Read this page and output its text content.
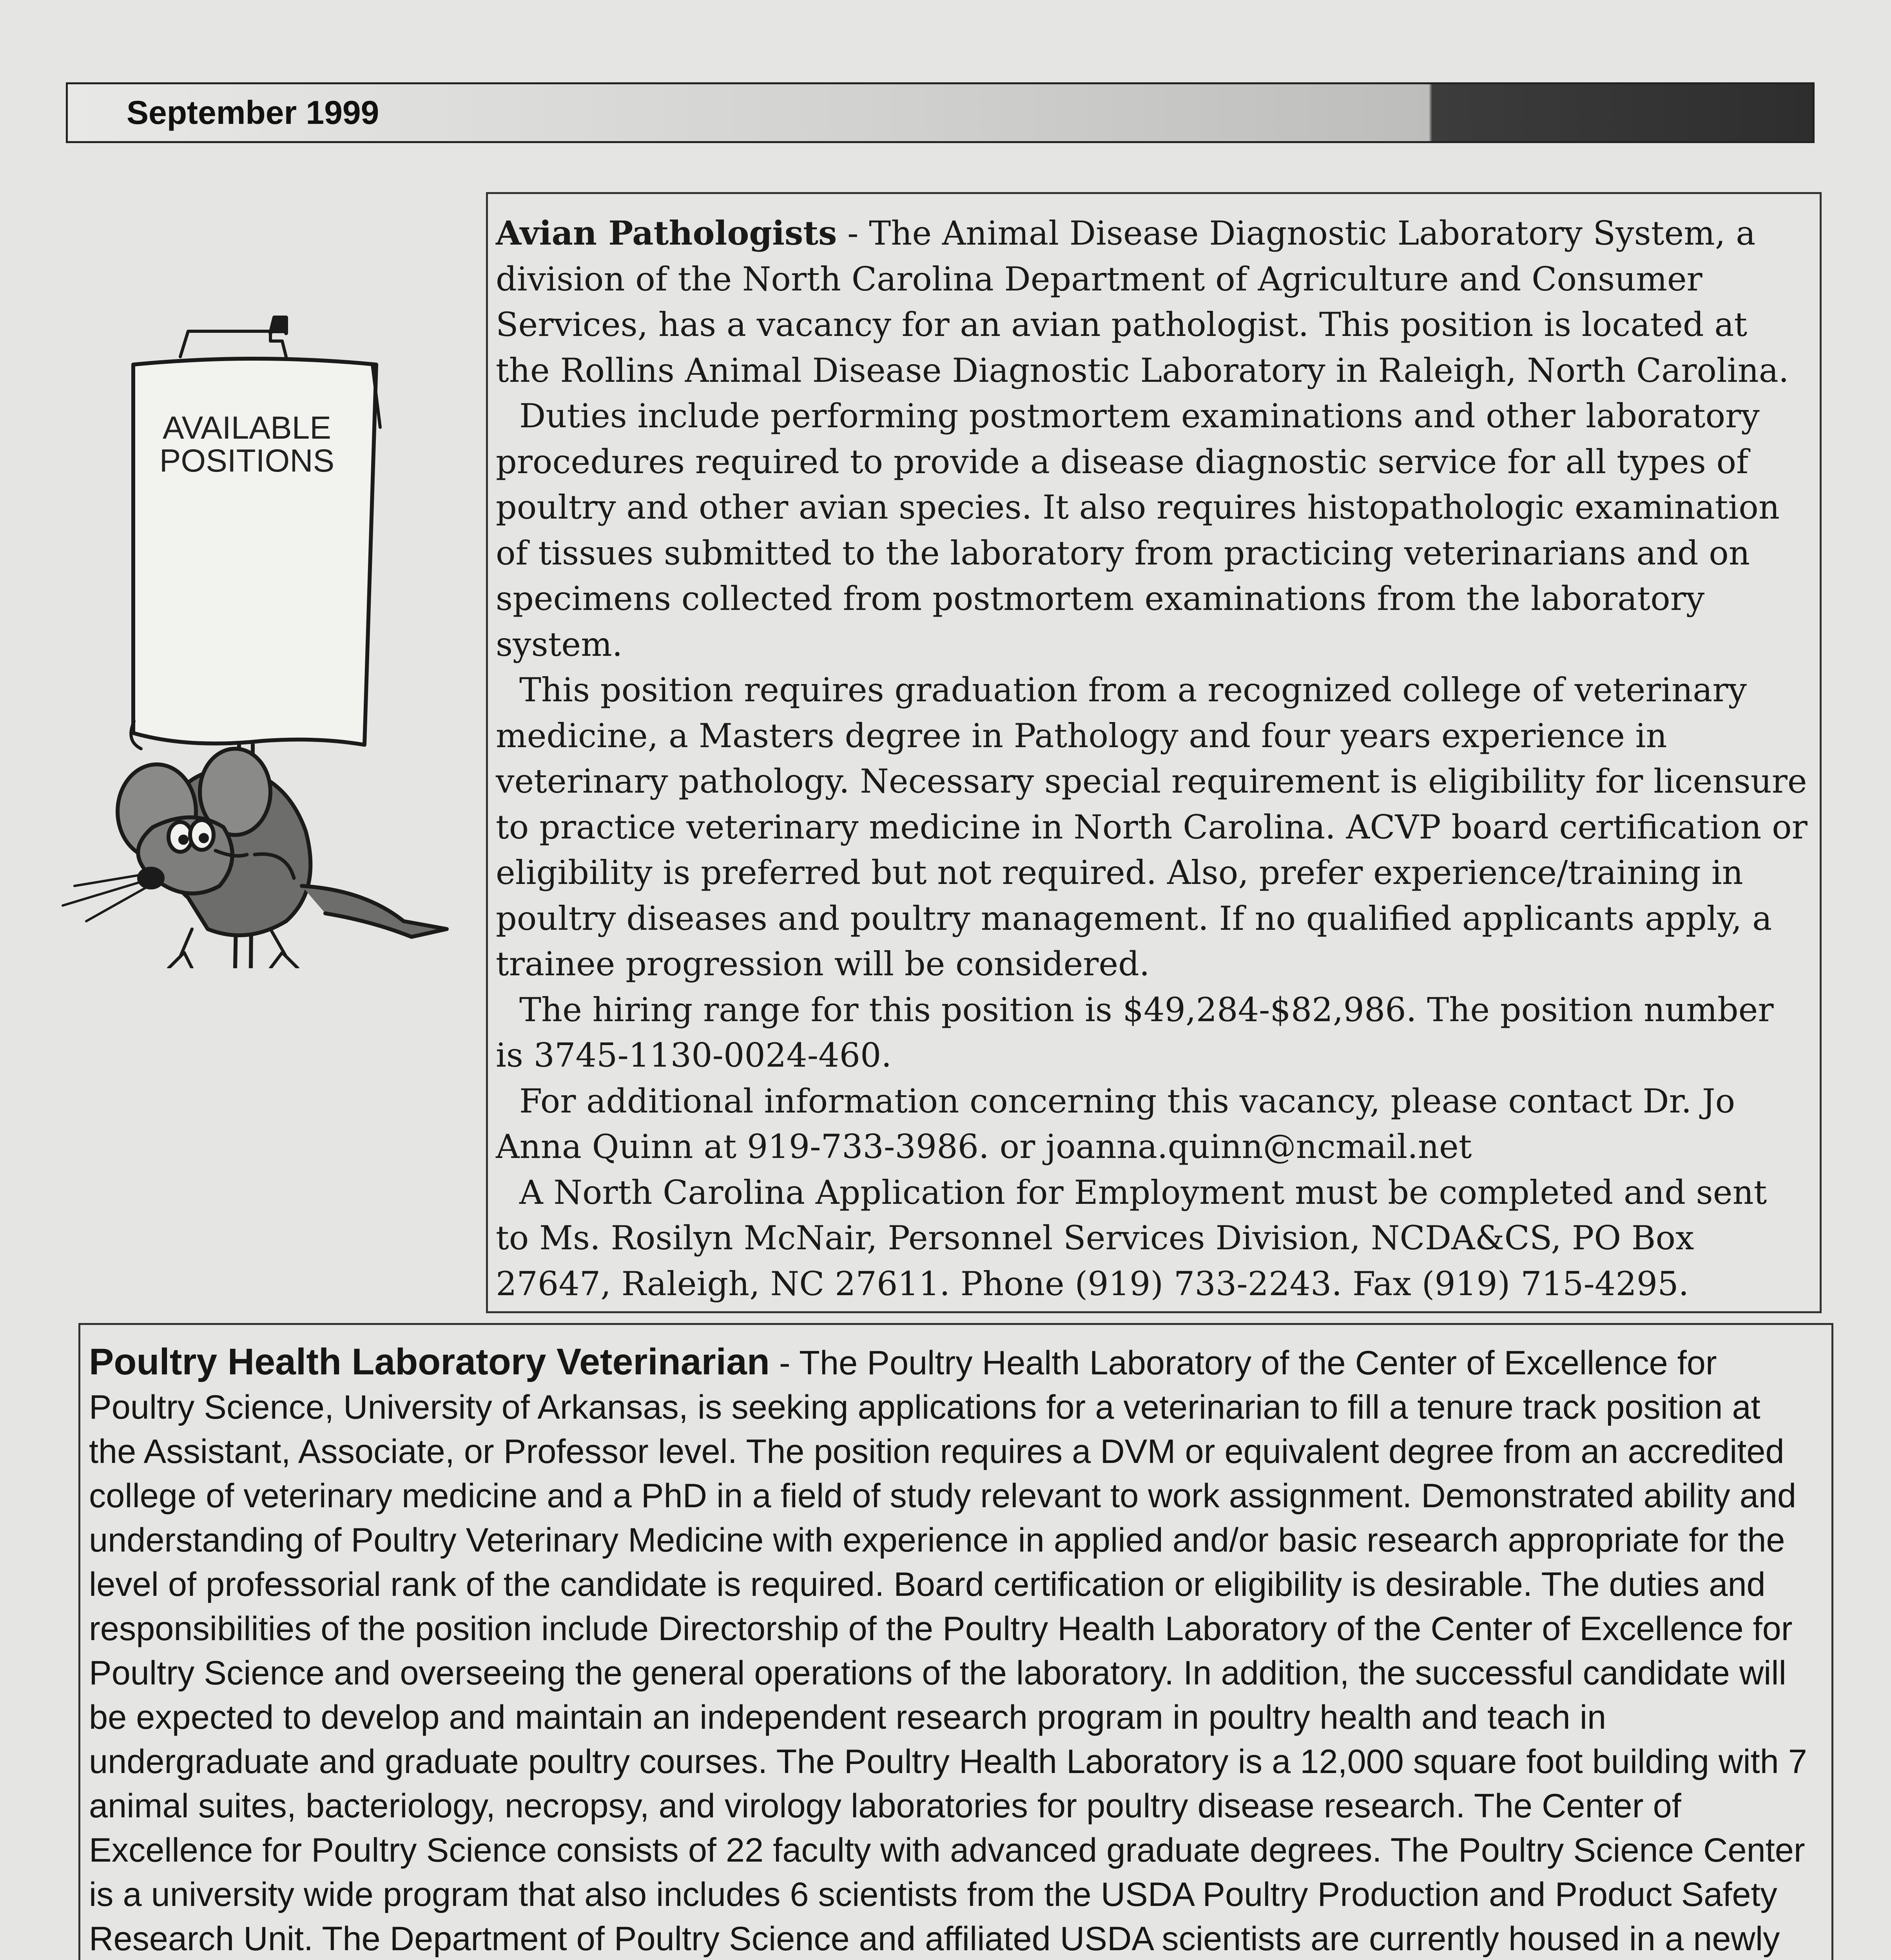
September 1999
AVAILABLE
POSITIONS

Avian Pathologists - The Animal Disease Diagnostic Laboratory System, a division of the North Carolina Department of Agriculture and Consumer Services, has a vacancy for an avian pathologist. This position is located at the Rollins Animal Disease Diagnostic Laboratory in Raleigh, North Carolina.

Duties include performing postmortem examinations and other laboratory procedures required to provide a disease diagnostic service for all types of poultry and other avian species. It also requires histopathologic examination of tissues submitted to the laboratory from practicing veterinarians and on specimens collected from postmortem examinations from the laboratory system.

This position requires graduation from a recognized college of veterinary medicine, a Masters degree in Pathology and four years experience in veterinary pathology. Necessary special requirement is eligibility for licensure to practice veterinary medicine in North Carolina. ACVP board certification or eligibility is preferred but not required. Also, prefer experience/training in poultry diseases and poultry management. If no qualified applicants apply, a trainee progression will be considered.

The hiring range for this position is $49,284-$82,986. The position number is 3745-1130-0024-460.

For additional information concerning this vacancy, please contact Dr. Jo Anna Quinn at 919-733-3986. or joanna.quinn@ncmail.net

A North Carolina Application for Employment must be completed and sent to Ms. Rosilyn McNair, Personnel Services Division, NCDA&CS, PO Box 27647, Raleigh, NC 27611. Phone (919) 733-2243. Fax (919) 715-4295.

Poultry Health Laboratory Veterinarian - The Poultry Health Laboratory of the Center of Excellence for Poultry Science, University of Arkansas, is seeking applications for a veterinarian to fill a tenure track position at the Assistant, Associate, or Professor level. The position requires a DVM or equivalent degree from an accredited college of veterinary medicine and a PhD in a field of study relevant to work assignment. Demonstrated ability and understanding of Poultry Veterinary Medicine with experience in applied and/or basic research appropriate for the level of professorial rank of the candidate is required. Board certification or eligibility is desirable. The duties and responsibilities of the position include Directorship of the Poultry Health Laboratory of the Center of Excellence for Poultry Science and overseeing the general operations of the laboratory. In addition, the successful candidate will be expected to develop and maintain an independent research program in poultry health and teach in undergraduate and graduate poultry courses. The Poultry Health Laboratory is a 12,000 square foot building with 7 animal suites, bacteriology, necropsy, and virology laboratories for poultry disease research. The Center of Excellence for Poultry Science consists of 22 faculty with advanced graduate degrees. The Poultry Science Center is a university wide program that also includes 6 scientists from the USDA Poultry Production and Product Safety Research Unit. The Department of Poultry Science and affiliated USDA scientists are currently housed in a newly
